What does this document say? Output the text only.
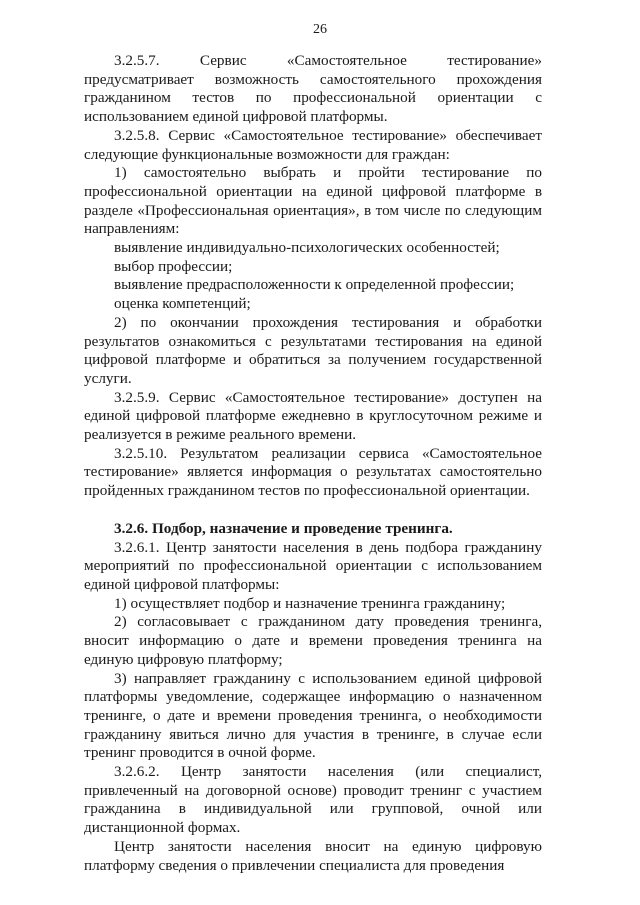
26

3.2.5.7. Сервис «Самостоятельное тестирование» предусматривает возможность самостоятельного прохождения гражданином тестов по профессиональной ориентации с использованием единой цифровой платформы.

3.2.5.8. Сервис «Самостоятельное тестирование» обеспечивает следующие функциональные возможности для граждан:

1) самостоятельно выбрать и пройти тестирование по профессиональной ориентации на единой цифровой платформе в разделе «Профессиональная ориентация», в том числе по следующим направлениям:

выявление индивидуально-психологических особенностей;

выбор профессии;

выявление предрасположенности к определенной профессии;

оценка компетенций;

2) по окончании прохождения тестирования и обработки результатов ознакомиться с результатами тестирования на единой цифровой платформе и обратиться за получением государственной услуги.

3.2.5.9. Сервис «Самостоятельное тестирование» доступен на единой цифровой платформе ежедневно в круглосуточном режиме и реализуется в режиме реального времени.

3.2.5.10. Результатом реализации сервиса «Самостоятельное тестирование» является информация о результатах самостоятельно пройденных гражданином тестов по профессиональной ориентации.

3.2.6. Подбор, назначение и проведение тренинга.

3.2.6.1. Центр занятости населения в день подбора гражданину мероприятий по профессиональной ориентации с использованием единой цифровой платформы:

1) осуществляет подбор и назначение тренинга гражданину;

2) согласовывает с гражданином дату проведения тренинга, вносит информацию о дате и времени проведения тренинга на единую цифровую платформу;

3) направляет гражданину с использованием единой цифровой платформы уведомление, содержащее информацию о назначенном тренинге, о дате и времени проведения тренинга, о необходимости гражданину явиться лично для участия в тренинге, в случае если тренинг проводится в очной форме.

3.2.6.2. Центр занятости населения (или специалист, привлеченный на договорной основе) проводит тренинг с участием гражданина в индивидуальной или групповой, очной или дистанционной формах.

Центр занятости населения вносит на единую цифровую платформу сведения о привлечении специалиста для проведения
